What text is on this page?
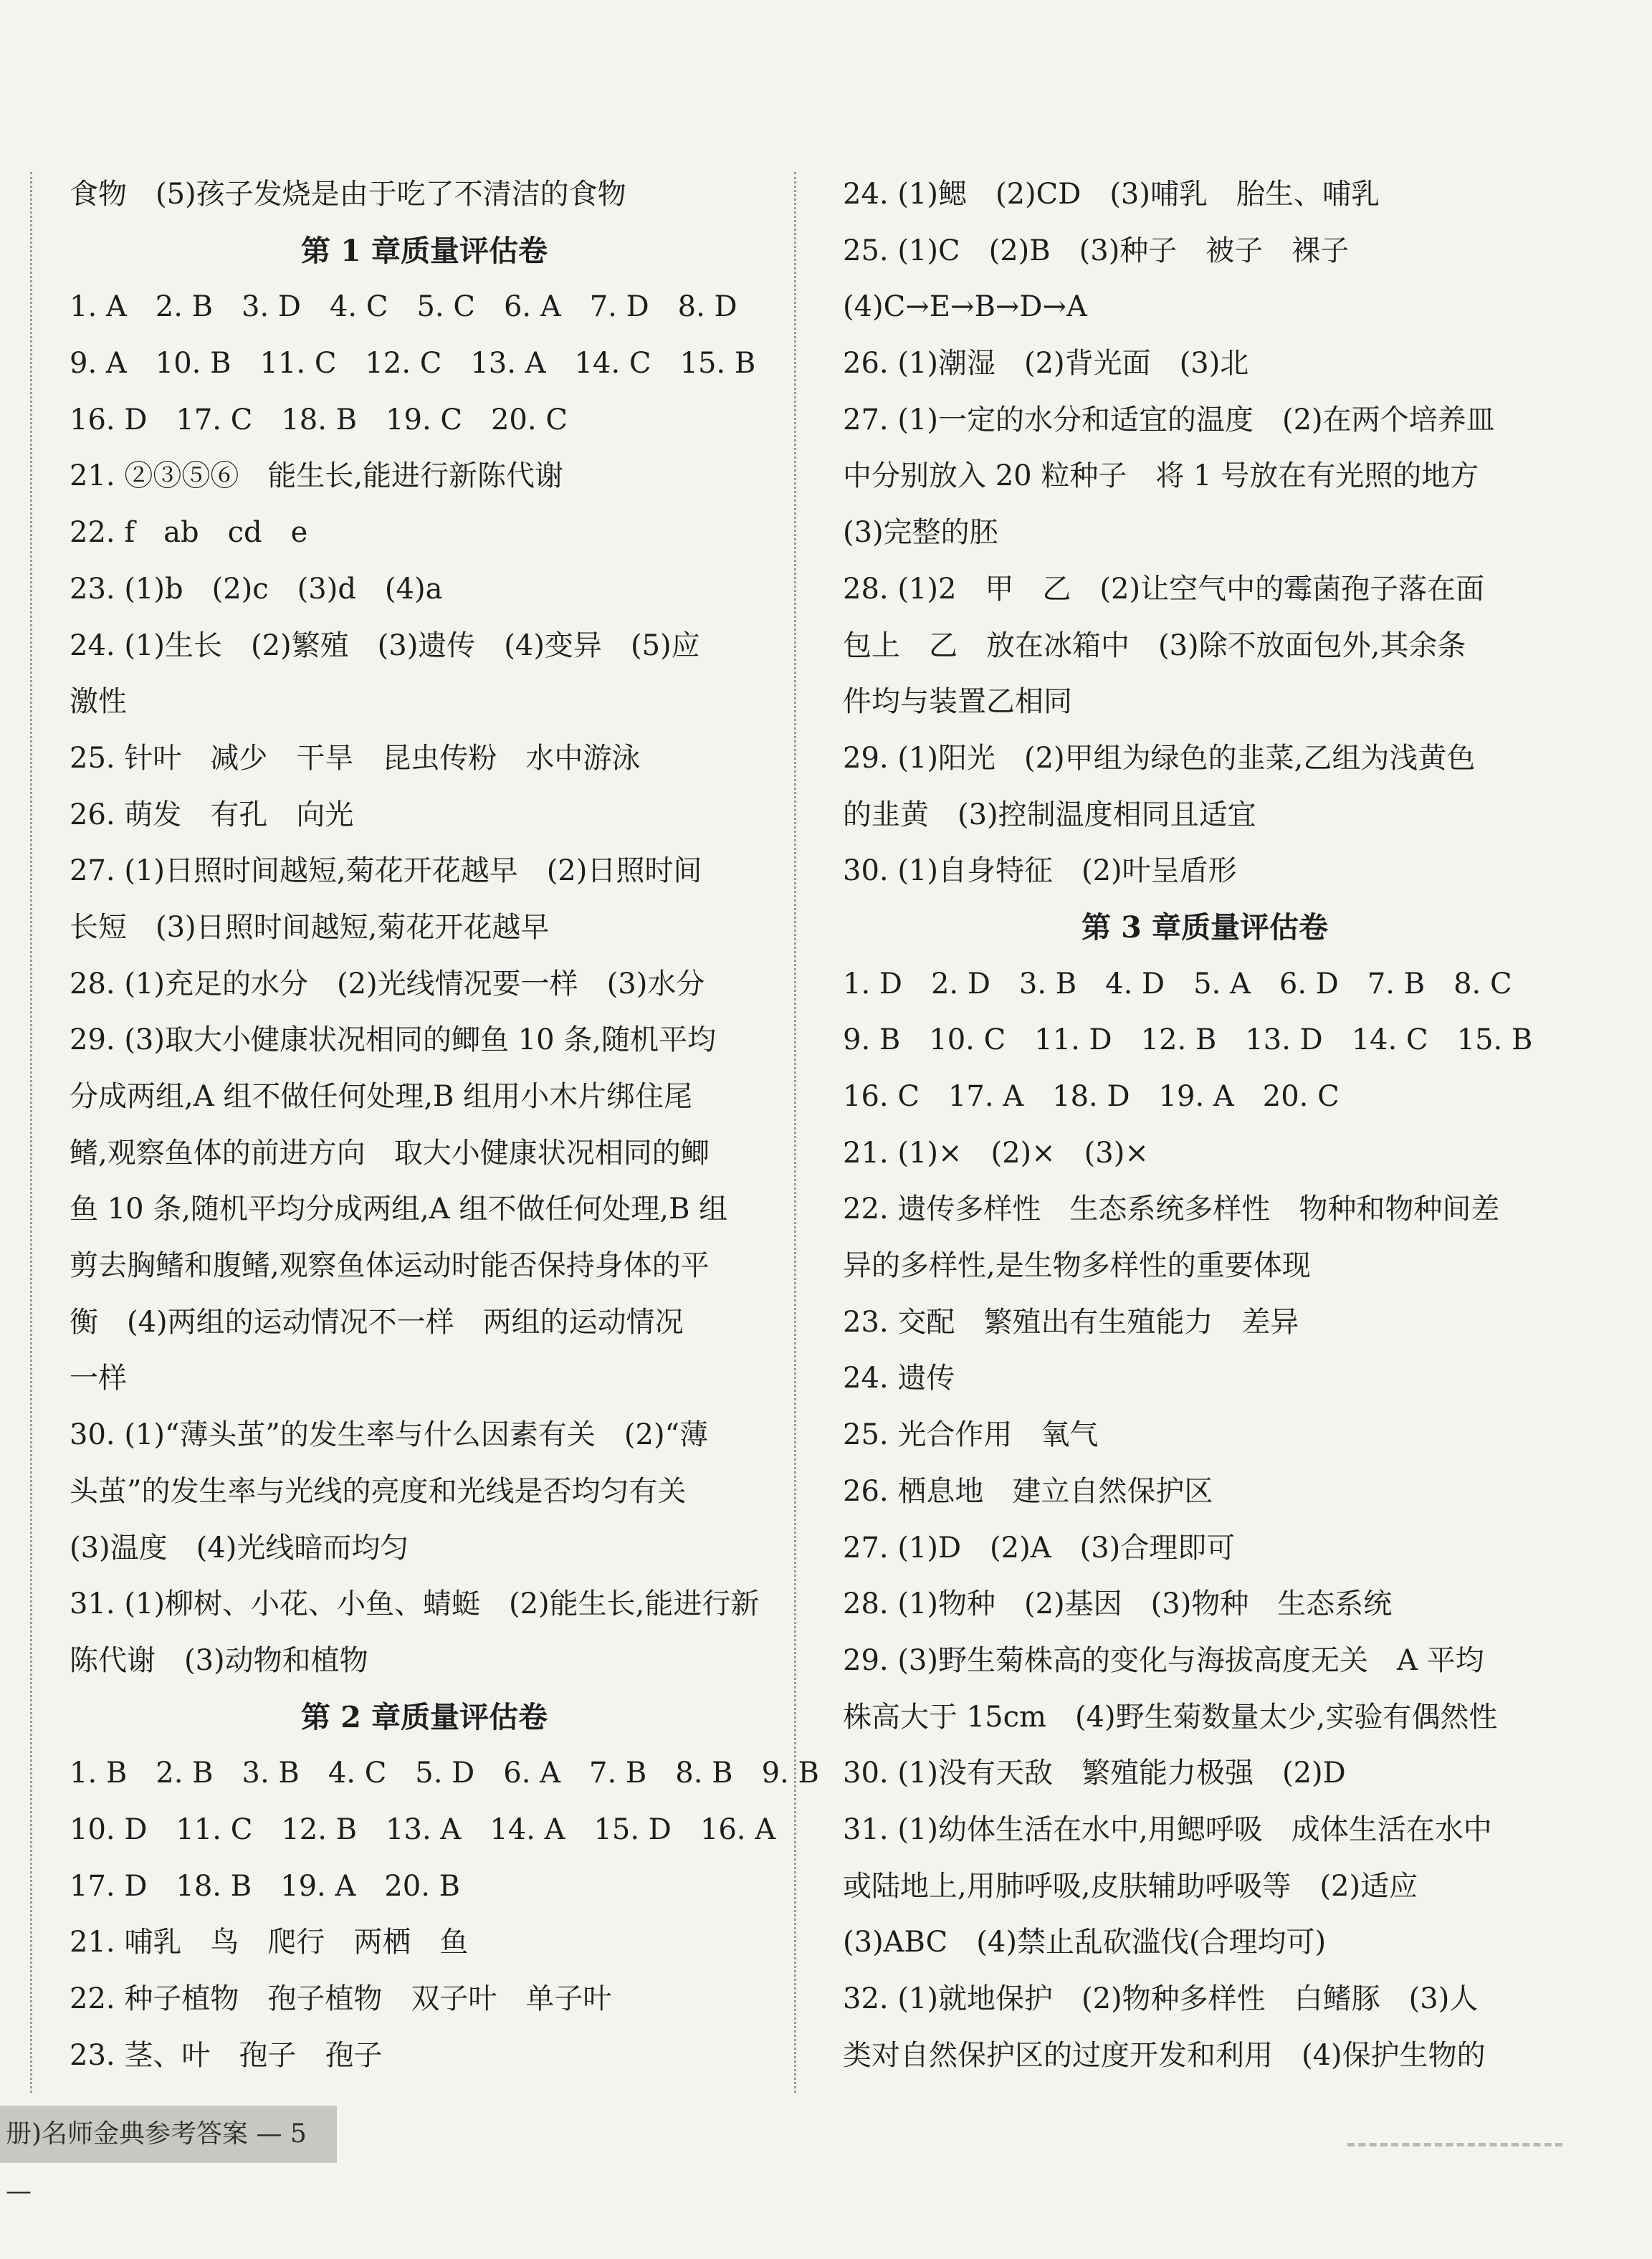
食物　(5)孩子发烧是由于吃了不清洁的食物
第 1 章质量评估卷
1. A　2. B　3. D　4. C　5. C　6. A　7. D　8. D
9. A　10. B　11. C　12. C　13. A　14. C　15. B
16. D　17. C　18. B　19. C　20. C
21. ②③⑤⑥　能生长,能进行新陈代谢
22. f　ab　cd　e
23. (1)b　(2)c　(3)d　(4)a
24. (1)生长　(2)繁殖　(3)遗传　(4)变异　(5)应
激性
25. 针叶　减少　干旱　昆虫传粉　水中游泳
26. 萌发　有孔　向光
27. (1)日照时间越短,菊花开花越早　(2)日照时间
长短　(3)日照时间越短,菊花开花越早
28. (1)充足的水分　(2)光线情况要一样　(3)水分
29. (3)取大小健康状况相同的鲫鱼 10 条,随机平均
分成两组,A 组不做任何处理,B 组用小木片绑住尾
鳍,观察鱼体的前进方向　取大小健康状况相同的鲫
鱼 10 条,随机平均分成两组,A 组不做任何处理,B 组
剪去胸鳍和腹鳍,观察鱼体运动时能否保持身体的平
衡　(4)两组的运动情况不一样　两组的运动情况
一样
30. (1)“薄头茧”的发生率与什么因素有关　(2)“薄
头茧”的发生率与光线的亮度和光线是否均匀有关
(3)温度　(4)光线暗而均匀
31. (1)柳树、小花、小鱼、蜻蜓　(2)能生长,能进行新
陈代谢　(3)动物和植物
第 2 章质量评估卷
1. B　2. B　3. B　4. C　5. D　6. A　7. B　8. B　9. B
10. D　11. C　12. B　13. A　14. A　15. D　16. A
17. D　18. B　19. A　20. B
21. 哺乳　鸟　爬行　两栖　鱼
22. 种子植物　孢子植物　双子叶　单子叶
23. 茎、叶　孢子　孢子
24. (1)鳃　(2)CD　(3)哺乳　胎生、哺乳
25. (1)C　(2)B　(3)种子　被子　裸子
(4)C→E→B→D→A
26. (1)潮湿　(2)背光面　(3)北
27. (1)一定的水分和适宜的温度　(2)在两个培养皿
中分别放入 20 粒种子　将 1 号放在有光照的地方
(3)完整的胚
28. (1)2　甲　乙　(2)让空气中的霉菌孢子落在面
包上　乙　放在冰箱中　(3)除不放面包外,其余条
件均与装置乙相同
29. (1)阳光　(2)甲组为绿色的韭菜,乙组为浅黄色
的韭黄　(3)控制温度相同且适宜
30. (1)自身特征　(2)叶呈盾形
第 3 章质量评估卷
1. D　2. D　3. B　4. D　5. A　6. D　7. B　8. C
9. B　10. C　11. D　12. B　13. D　14. C　15. B
16. C　17. A　18. D　19. A　20. C
21. (1)×　(2)×　(3)×
22. 遗传多样性　生态系统多样性　物种和物种间差
异的多样性,是生物多样性的重要体现
23. 交配　繁殖出有生殖能力　差异
24. 遗传
25. 光合作用　氧气
26. 栖息地　建立自然保护区
27. (1)D　(2)A　(3)合理即可
28. (1)物种　(2)基因　(3)物种　生态系统
29. (3)野生菊株高的变化与海拔高度无关　A 平均
株高大于 15cm　(4)野生菊数量太少,实验有偶然性
30. (1)没有天敌　繁殖能力极强　(2)D
31. (1)幼体生活在水中,用鳃呼吸　成体生活在水中
或陆地上,用肺呼吸,皮肤辅助呼吸等　(2)适应
(3)ABC　(4)禁止乱砍滥伐(合理均可)
32. (1)就地保护　(2)物种多样性　白鳍豚　(3)人
类对自然保护区的过度开发和利用　(4)保护生物的
册)名师金典参考答案 — 5 —
